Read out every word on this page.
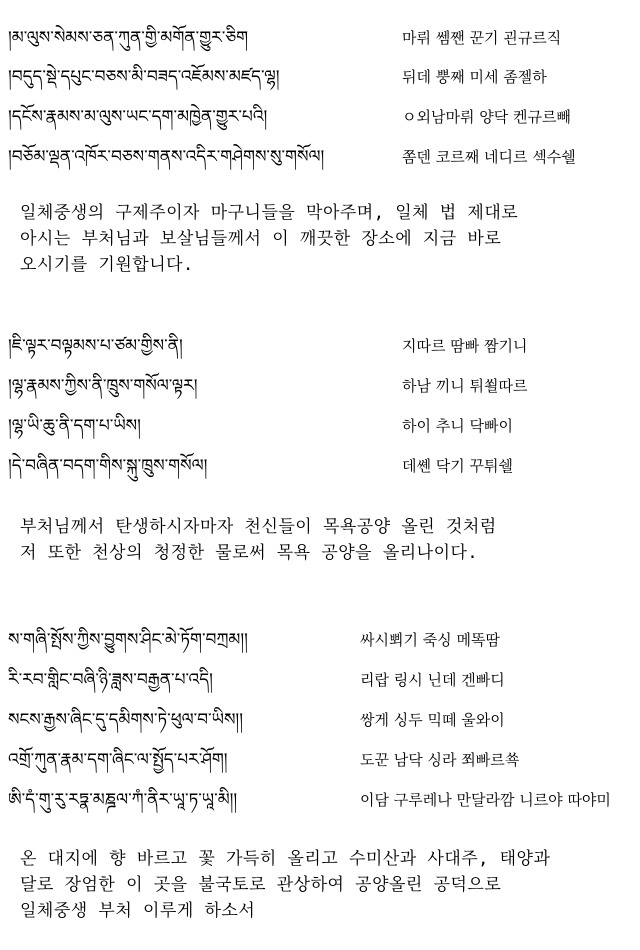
།མ་ལུས་སེམས་ཅན་ཀུན་གྱི་མགོན་གྱུར་ཅིག	마뤼 쎔짼 꾼기 괸규르직
།བདུད་སྡེ་དཔུང་བཅས་མི་བཟད་འཇོམས་མཛད་ལྷ།	뒤데 뿡째 미세 좀젤하
།དངོས་རྣམས་མ་ལུས་ཡང་དག་མཁྱེན་གྱུར་པའི།	ㅇ외남마뤼 양닥 켄규르빼
།བཅོམ་ལྡན་འཁོར་བཅས་གནས་འདིར་གཤེགས་སུ་གསོལ།	쫌덴 코르째 네디르 섹수쉘
일체중생의 구제주이자 마구니들을 막아주며, 일체 법 제대로
아시는 부처님과 보살님들께서 이 깨끗한 장소에 지금 바로
오시기를 기원합니다.
།ཇི་ལྟར་བལྟམས་པ་ཙམ་གྱིས་ནི།	지따르 땀빠 짬기니
།ལྷ་རྣམས་ཀྱིས་ནི་ཁྲུས་གསོལ་ལྟར།	하남 끼니 튀쐴따르
།ལྷ་ཡི་ཆུ་ནི་དག་པ་ཡིས།	하이 추니 닥빠이
།དེ་བཞིན་བདག་གིས་སྐུ་ཁྲུས་གསོལ།	데쏀 닥기 꾸튀쉘
부처님께서 탄생하시자마자 천신들이 목욕공양 올린 것처럼
저 또한 천상의 청정한 물로써 목욕 공양을 올리나이다.
ས་གཞི་སྤོས་ཀྱིས་བྱུགས་ཤིང་མེ་ཏོག་བཀྲམ།།	싸시뾔기 죽싱 메똑땀
རི་རབ་གླིང་བཞི་ཉི་ཟླས་བརྒྱན་པ་འདི།	리랍 링시 닌데 겐빠디
སངས་རྒྱས་ཞིང་དུ་དམིགས་ཏེ་ཕུལ་བ་ཡིས།།	쌍게 싱두 믹떼 울와이
འགྲོ་ཀུན་རྣམ་དག་ཞིང་ལ་སྤྱོད་པར་ཤོག།	도꾼 남닥 싱라 쬐빠르쑉
ཨི་དཾ་གུ་རུ་རཏྣ་མཎྜལ་ཀཾ་ནིར་ཡཱ་ཏ་ཡཱ་མི།།	이담 구루레나 만달라깜 니르야 따야미
온 대지에 향 바르고 꽃 가득히 올리고 수미산과 사대주, 태양과
달로 장엄한 이 곳을 불국토로 관상하여 공양올린 공덕으로
일체중생 부처 이루게 하소서
